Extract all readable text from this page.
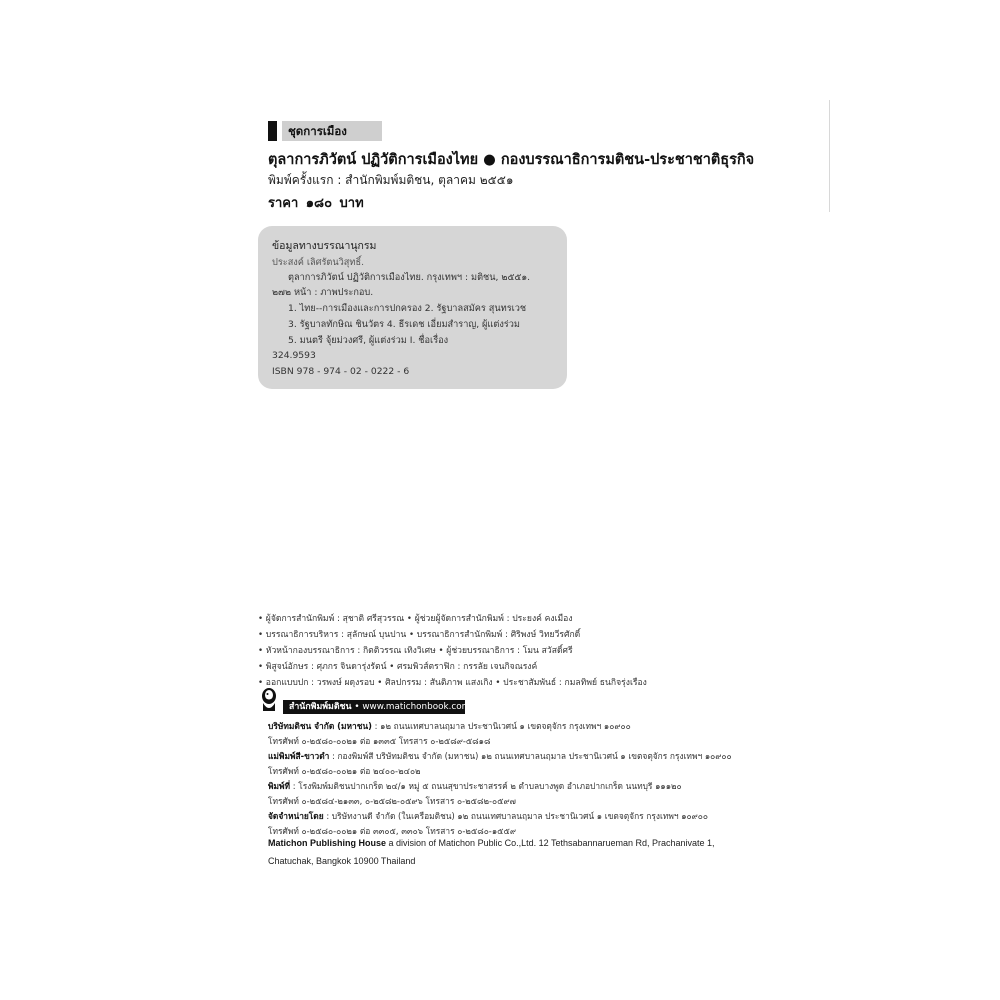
ชุดการเมือง
ตุลาการภิวัตน์ ปฏิวัติการเมืองไทย ● กองบรรณาธิการมติชน-ประชาชาติธุรกิจ
พิมพ์ครั้งแรก : สำนักพิมพ์มติชน, ตุลาคม ๒๕๕๑
ราคา ๑๘๐ บาท
ข้อมูลทางบรรณานุกรม
ประสงค์ เลิศรัตนวิสุทธิ์.
ตุลาการภิวัตน์ ปฏิวัติการเมืองไทย. กรุงเทพฯ : มติชน, ๒๕๕๑.
๒๗๒ หน้า : ภาพประกอบ.
1. ไทย--การเมืองและการปกครอง 2. รัฐบาลสมัคร สุนทรเวช
3. รัฐบาลทักษิณ ชินวัตร 4. ธีรเดช เอี่ยมสำราญ, ผู้แต่งร่วม
5. มนตรี จุ้ยม่วงศรี, ผู้แต่งร่วม I. ชื่อเรื่อง
324.9593
ISBN 978 - 974 - 02 - 0222 - 6
• ผู้จัดการสำนักพิมพ์ : สุชาติ ศรีสุวรรณ • ผู้ช่วยผู้จัดการสำนักพิมพ์ : ประยงค์ คงเมือง
• บรรณาธิการบริหาร : สุลักษณ์ บุนปาน • บรรณาธิการสำนักพิมพ์ : ศิริพงษ์ วิทยวีรศักดิ์
• หัวหน้ากองบรรณาธิการ : กิตติวรรณ เทิงวิเศษ • ผู้ช่วยบรรณาธิการ : โมน สวัสดิ์ศรี
• พิสูจน์อักษร : ศุภกร จินดารุ่งรัตน์ • ศรมพิวส์ตราฟิก : กรรลัย เจนกิจณรงค์
• ออกแบบปก : วรพงษ์ ผดุงรอบ • ศิลปกรรม : สันติภาพ แสงเกิง • ประชาสัมพันธ์ : กมลทิพย์ ธนกิจรุ่งเรือง
สำนักพิมพ์มติชน • www.matichonbook.com
บริษัทมติชน จำกัด (มหาชน) : ๑๒ ถนนเทศบาลนฤมาล ประชานิเวศน์ ๑ เขตจตุจักร กรุงเทพฯ ๑๐๙๐๐
โทรศัพท์ ๐-๒๕๘๐-๐๐๒๑ ต่อ ๑๓๓๕ โทรสาร ๐-๒๕๘๙-๕๘๑๘
แม่พิมพ์สี-ขาวดำ : กองพิมพ์สี บริษัทมติชน จำกัด (มหาชน) ๑๒ ถนนเทศบาลนฤมาล ประชานิเวศน์ ๑ เขตจตุจักร กรุงเทพฯ ๑๐๙๐๐
โทรศัพท์ ๐-๒๕๘๐-๐๐๒๑ ต่อ ๒๔๐๐-๒๔๐๒
พิมพ์ที่ : โรงพิมพ์มติชนปากเกร็ด ๒๔/๑ หมู่ ๕ ถนนสุขาประชาสรรค์ ๒ ตำบลบางพูด อำเภอปากเกร็ด นนทบุรี ๑๑๑๒๐
โทรศัพท์ ๐-๒๕๘๔-๒๑๓๓, ๐-๒๕๘๒-๐๕๙๖ โทรสาร ๐-๒๕๘๒-๐๕๙๗
จัดจำหน่ายโดย : บริษัทงานดี จำกัด (ในเครือมติชน) ๑๒ ถนนเทศบาลนฤมาล ประชานิเวศน์ ๑ เขตจตุจักร กรุงเทพฯ ๑๐๙๐๐
โทรศัพท์ ๐-๒๕๘๐-๐๐๒๑ ต่อ ๓๓๐๕, ๓๓๐๖ โทรสาร ๐-๒๕๘๐-๑๕๕๙
Matichon Publishing House a division of Matichon Public Co.,Ltd. 12 Tethsabannarueman Rd, Prachanivate 1,
Chatuchak, Bangkok 10900 Thailand
